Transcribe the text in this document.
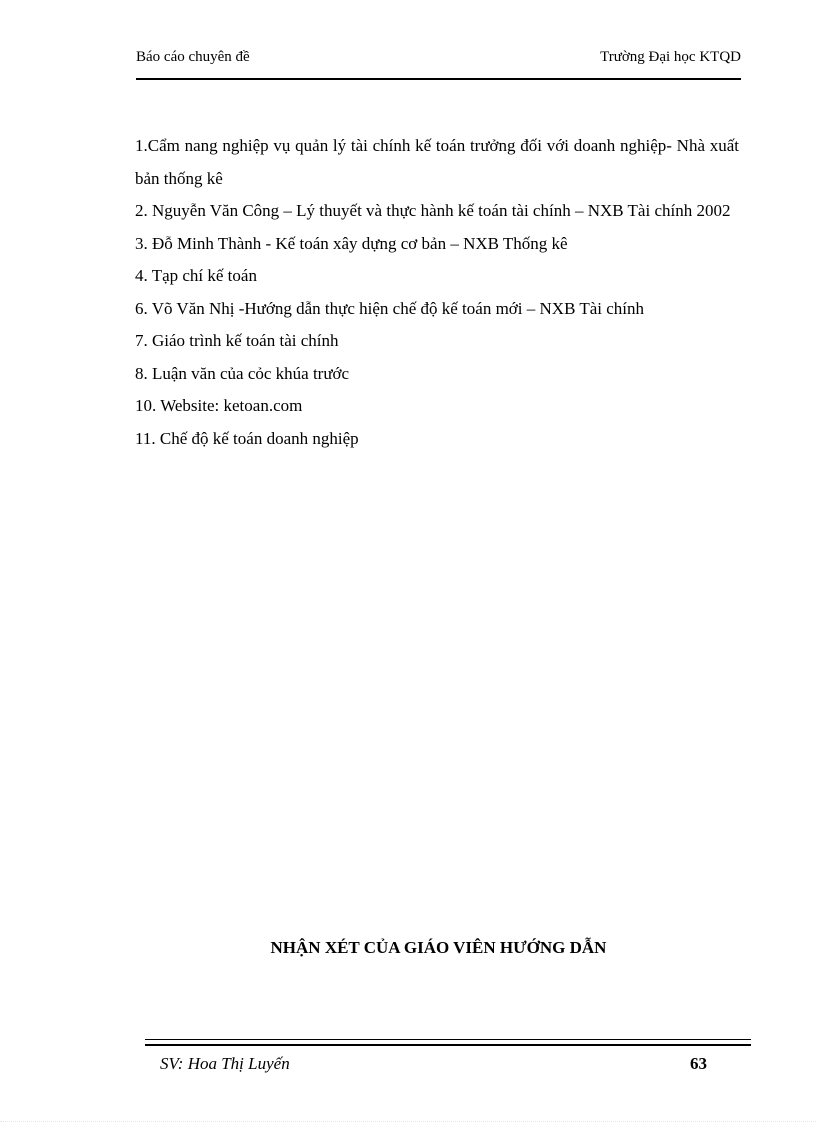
Báo cáo chuyên đề	Trường Đại học KTQD
1.Cẩm nang nghiệp vụ quản lý tài chính kế toán trưởng đối với doanh nghiệp- Nhà xuất bản thống kê
2. Nguyễn Văn Công – Lý thuyết và thực hành kế toán tài chính – NXB Tài chính 2002
3. Đỗ Minh Thành - Kế toán xây dựng cơ bản – NXB Thống kê
4. Tạp chí kế toán
6. Võ Văn Nhị -Hướng dẫn thực hiện chế độ kế toán mới – NXB Tài chính
7. Giáo trình kế toán tài chính
8. Luận văn của cỏc khúa trước
10. Website: ketoan.com
11. Chế độ kế toán doanh nghiệp
NHẬN XÉT CỦA GIÁO VIÊN HƯỚNG DẪN
SV: Hoa Thị Luyến	63
